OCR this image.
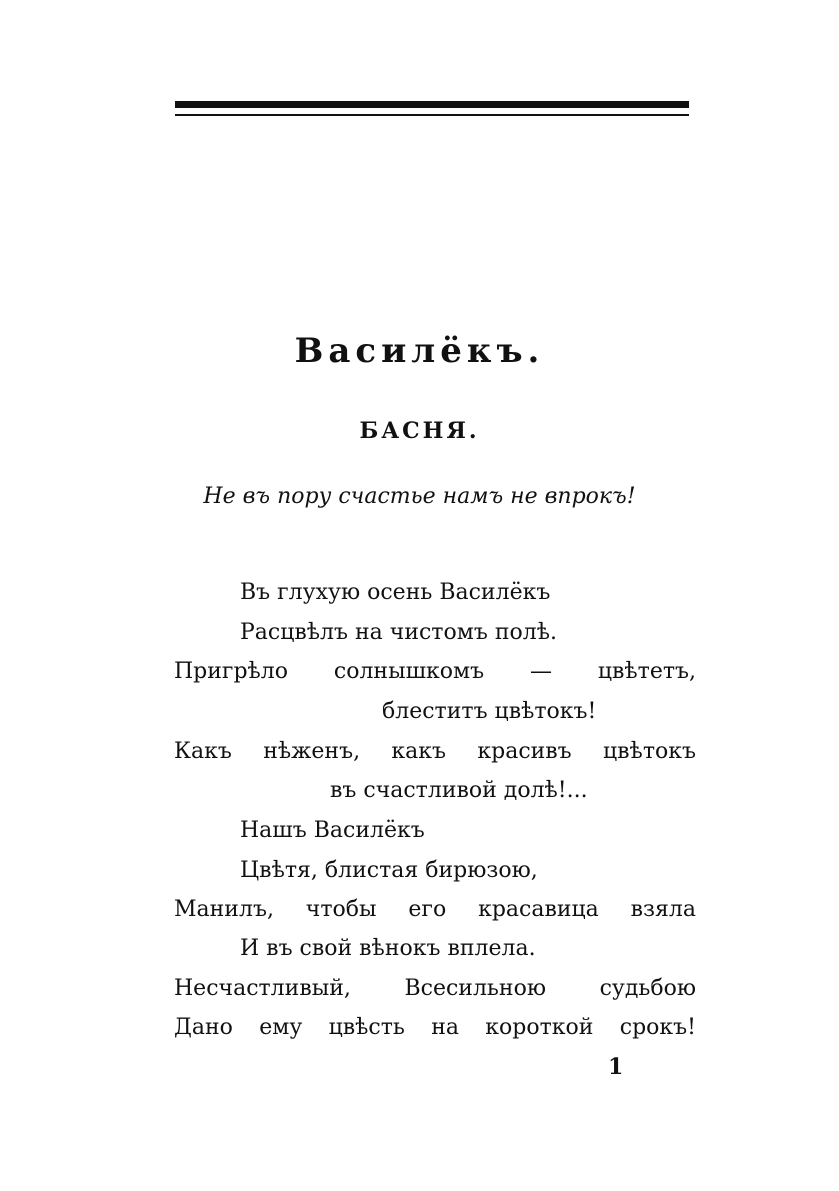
Василёкъ.
БАСНЯ.
Не въ пору счастье намъ не впрокъ!
Въ глухую осень Василёкъ
Расцвѣлъ на чистомъ полѣ.
Пригрѣло солнышкомъ — цвѣтетъ,
блеститъ цвѣтокъ!
Какъ нѣженъ, какъ красивъ цвѣтокъ
въ счастливой долѣ!...
Нашъ Василёкъ
Цвѣтя, блистая бирюзою,
Манилъ, чтобы его красавица взяла
И въ свой вѣнокъ вплела.
Несчастливый, Всесильною судьбою
Дано ему цвѣсть на короткой срокъ!
1
